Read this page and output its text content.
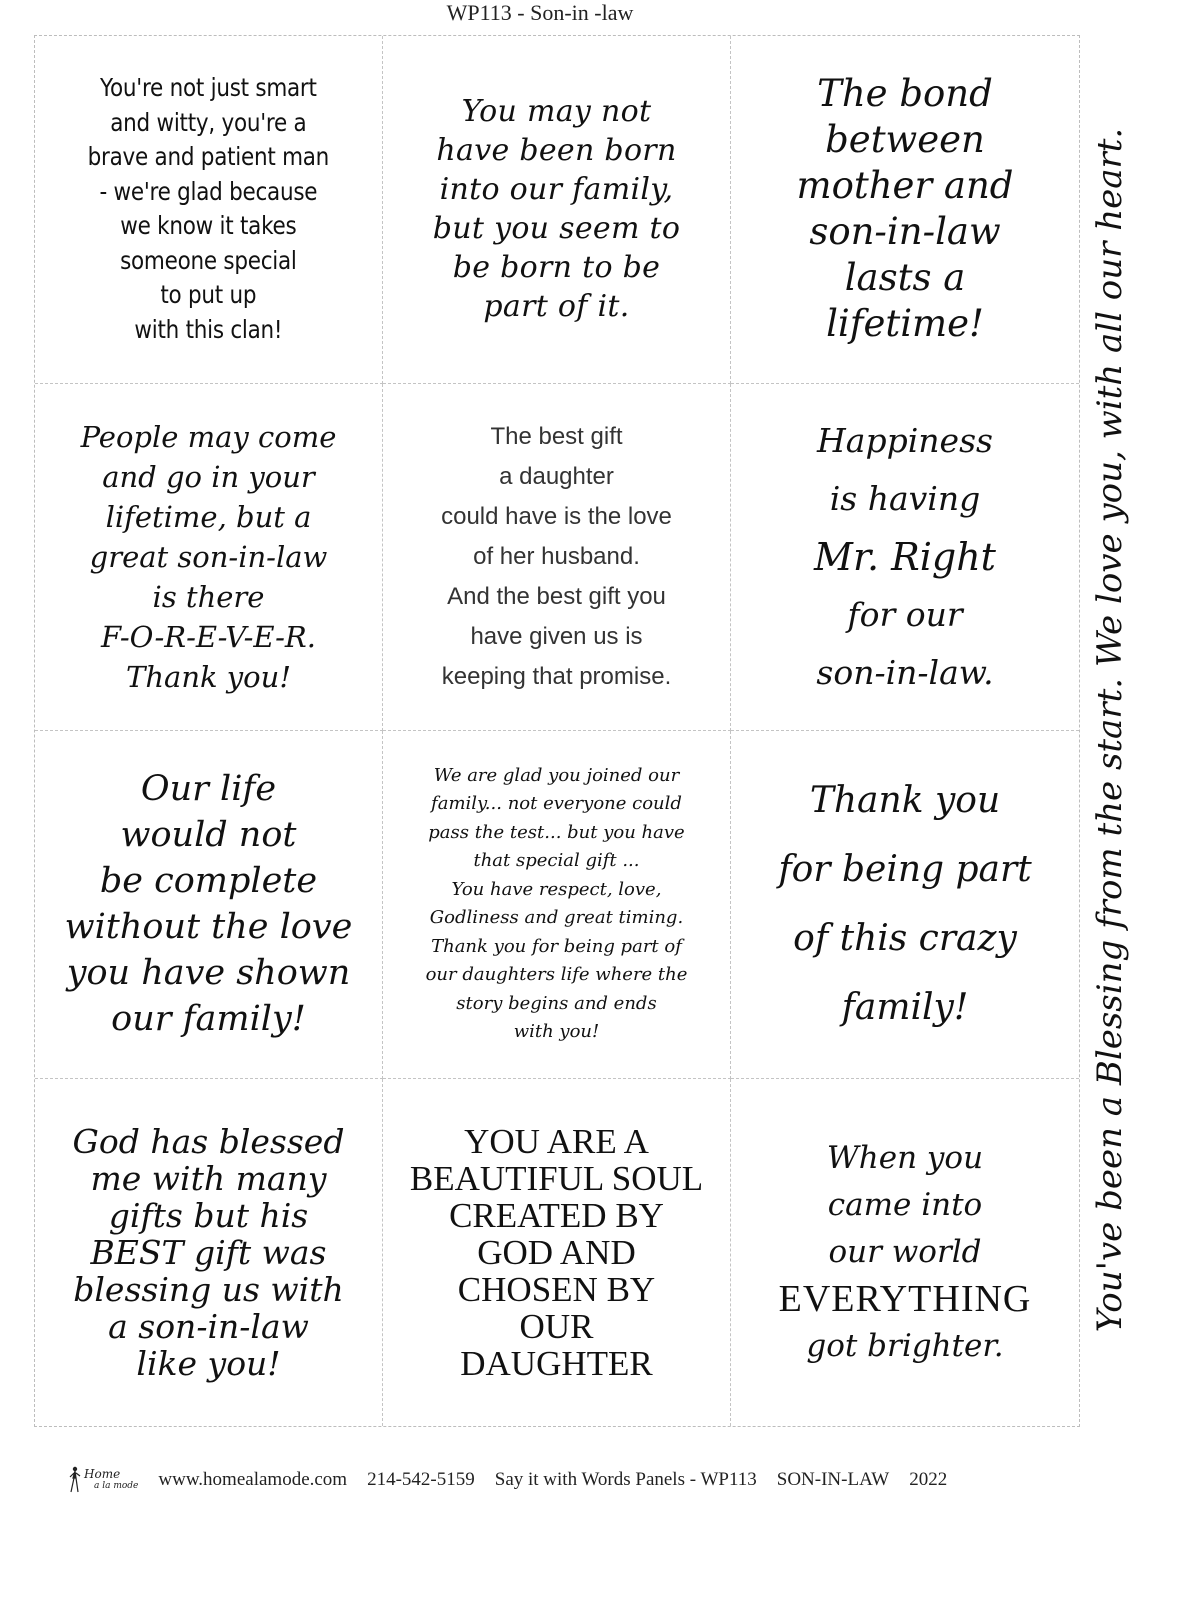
WP113 - Son-in -law
You're not just smart
and witty, you're a
brave and patient man
- we're glad because
we know it takes
someone special
to put up
with this clan!
You may not
have been born
into our family,
but you seem to
be born to be
part of it.
The bond
between
mother and
son-in-law
lasts a
lifetime!
People may come
and go in your
lifetime, but a
great son-in-law
is there
F-O-R-E-V-E-R.
Thank you!
The best gift
a daughter
could have is the love
of her husband.
And the best gift you
have given us is
keeping that promise.
Happiness
is having
Mr. Right
for our
son-in-law.
Our life
would not
be complete
without the love
you have shown
our family!
We are glad you joined our
family... not everyone could
pass the test... but you have
that special gift ...
You have respect, love,
Godliness and great timing.
Thank you for being part of
our daughters life where the
story begins and ends
with you!
Thank you
for being part
of this crazy
family!
God has blessed
me with many
gifts but his
BEST gift was
blessing us with
a son-in-law
like you!
YOU ARE A
BEAUTIFUL SOUL
CREATED BY
GOD AND
CHOSEN BY
OUR
DAUGHTER
When you
came into
our world
EVERYTHING
got brighter.
You've been a Blessing from the start. We love you, with all our heart.
Home
a la mode www.homealamode.com 214-542-5159 Say it with Words Panels - WP113 SON-IN-LAW 2022
